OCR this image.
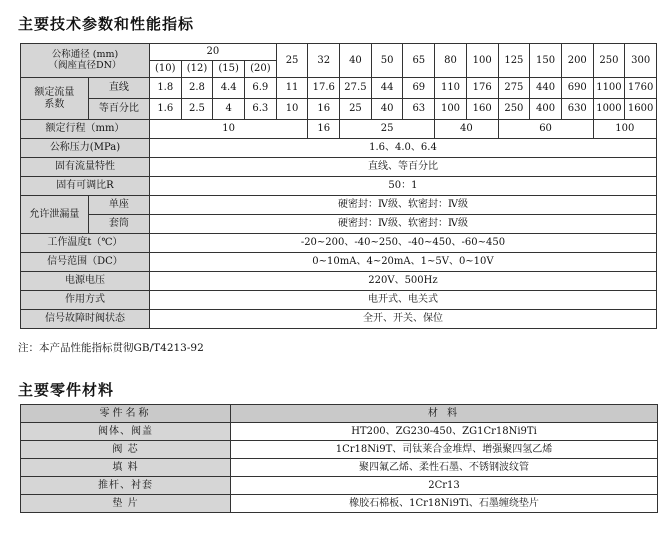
主要技术参数和性能指标
公称通径 (mm)
（阀座直径DN）		20				25	32	40	50	65	80	100	125	150	200	250	300
		(10)	(12)	(15)	(20)												

额定流量
系数	直线	1.8	2.8	4.4	6.9	11	17.6	27.5	44	69	110	176	275	440	690	1100	1760
	等百分比	1.6	2.5	4	6.3	10	16	25	40	63	100	160	250	400	630	1000	1600
额定行程（mm）		10					16	25			40		60			100	
公称压力(MPa)		1.6、4.0、6.4															
固有流量特性		直线、等百分比															
固有可调比R		50：1															
允许泄漏量	单座	硬密封：Ⅳ级、软密封：Ⅳ级															
	套筒	硬密封：Ⅳ级、软密封：Ⅳ级															
工作温度t（℃）		-20~200、-40~250、-40~450、-60~450															
信号范围（DC）		0~10mA、4~20mA、1~5V、0~10V															
电源电压		220V、500Hz															
作用方式		电开式、电关式															
信号故障时阀状态		全开、开关、保位															
注：本产品性能指标贯彻GB/T4213-92
主要零件材料
零件名称	材 料
阀体、阀盖	HT200、ZG230-450、ZG1Cr18Ni9Ti
阀 芯	1Cr18Ni9T、司钛莱合金堆焊、增强聚四氢乙烯
填 料	聚四氟乙烯、柔性石墨、不锈钢波纹管
推杆、衬套	2Cr13
垫 片	橡胶石棉板、1Cr18Ni9Ti、石墨缠绕垫片
